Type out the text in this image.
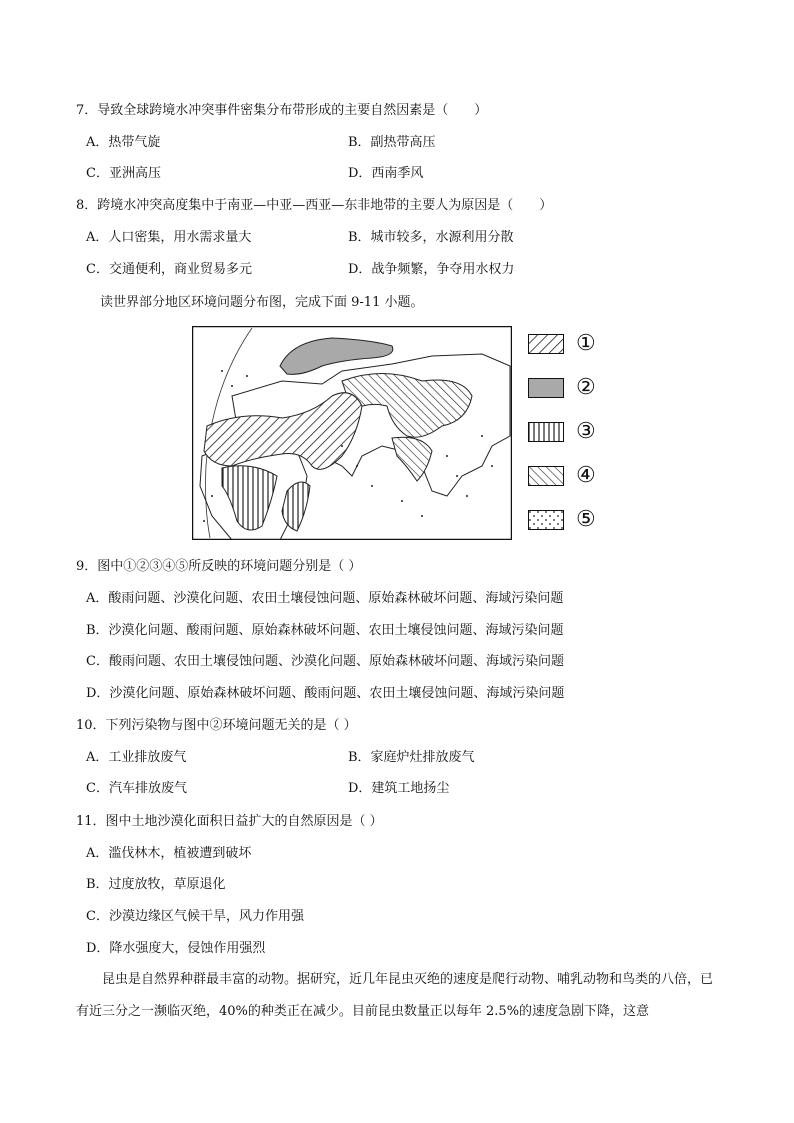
7．导致全球跨境水冲突事件密集分布带形成的主要自然因素是（　　）
A．热带气旋	B．副热带高压
C．亚洲高压	D．西南季风
8．跨境水冲突高度集中于南亚—中亚—西亚—东非地带的主要人为原因是（　　）
A．人口密集，用水需求量大	B．城市较多，水源利用分散
C．交通便利，商业贸易多元	D．战争频繁，争夺用水权力
读世界部分地区环境问题分布图，完成下面 9-11 小题。
①
②
③
④
⑤
9．图中①②③④⑤所反映的环境问题分别是（ ）
A．酸雨问题、沙漠化问题、农田土壤侵蚀问题、原始森林破坏问题、海域污染问题
B．沙漠化问题、酸雨问题、原始森林破坏问题、农田土壤侵蚀问题、海域污染问题
C．酸雨问题、农田土壤侵蚀问题、沙漠化问题、原始森林破坏问题、海域污染问题
D．沙漠化问题、原始森林破坏问题、酸雨问题、农田土壤侵蚀问题、海域污染问题
10．下列污染物与图中②环境问题无关的是（ ）
A．工业排放废气	B．家庭炉灶排放废气
C．汽车排放废气	D．建筑工地扬尘
11．图中土地沙漠化面积日益扩大的自然原因是（ ）
A．滥伐林木，植被遭到破坏
B．过度放牧，草原退化
C．沙漠边缘区气候干旱，风力作用强
D．降水强度大，侵蚀作用强烈
昆虫是自然界种群最丰富的动物。据研究，近几年昆虫灭绝的速度是爬行动物、哺乳动物和鸟类的八倍，已有近三分之一濒临灭绝，40%的种类正在减少。目前昆虫数量正以每年 2.5%的速度急剧下降，这意
